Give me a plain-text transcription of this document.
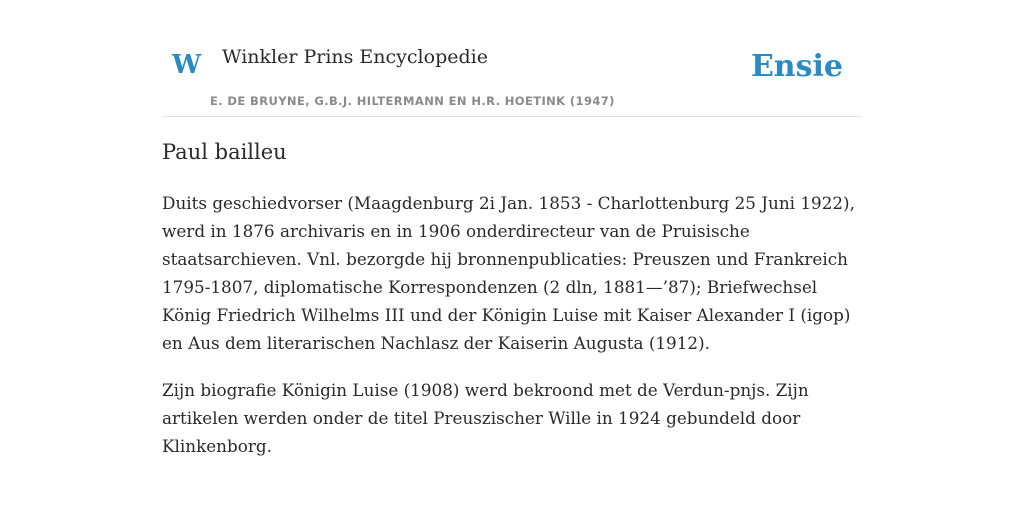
W Winkler Prins Encyclopedie
E. DE BRUYNE, G.B.J. HILTERMANN EN H.R. HOETINK (1947)
Ensie
Paul bailleu

Duits geschiedvorser (Maagdenburg 2i Jan. 1853 - Charlottenburg 25 Juni 1922), werd in 1876 archivaris en in 1906 onderdirecteur van de Pruisische staatsarchieven. Vnl. bezorgde hij bronnenpublicaties: Preuszen und Frankreich 1795-1807, diplomatische Korrespondenzen (2 dln, 1881—’87); Briefwechsel König Friedrich Wilhelms III und der Königin Luise mit Kaiser Alexander I (igop) en Aus dem literarischen Nachlasz der Kaiserin Augusta (1912).

Zijn biografie Königin Luise (1908) werd bekroond met de Verdun-pnjs. Zijn artikelen werden onder de titel Preuszischer Wille in 1924 gebundeld door Klinkenborg.
